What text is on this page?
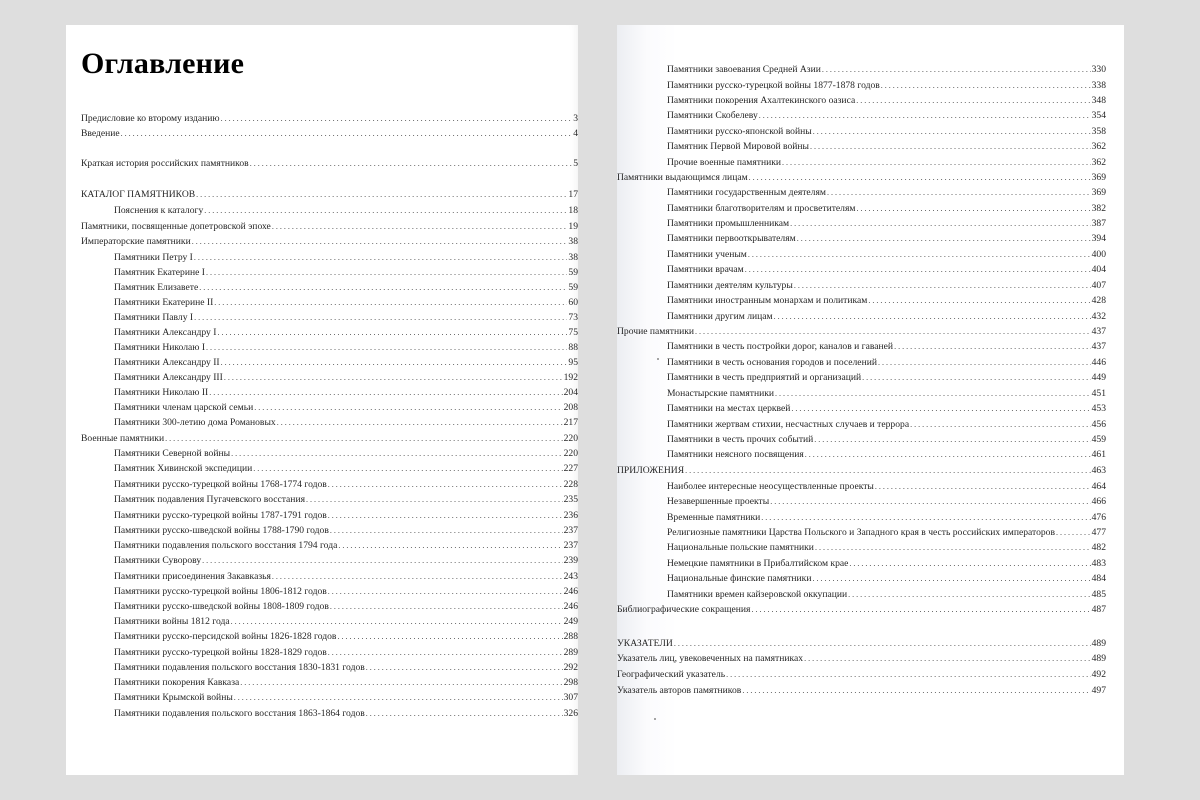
Оглавление
Предисловие ко второму изданию . . .	3
Введение . . .	4
Краткая история российских памятников . . .	5
КАТАЛОГ ПАМЯТНИКОВ . . .	17
Пояснения к каталогу . . .	18
Памятники, посвященные допетровской эпохе . . .	19
Императорские памятники . . .	38
Памятники Петру I . . .	38
Памятник Екатерине I . . .	59
Памятник Елизавете . . .	59
Памятники Екатерине II . . .	60
Памятники Павлу I . . .	73
Памятники Александру I . . .	75
Памятники Николаю I . . .	88
Памятники Александру II . . .	95
Памятники Александру III . . .	192
Памятники Николаю II . . .	204
Памятники членам царской семьи . . .	208
Памятники 300-летию дома Романовых . . .	217
Военные памятники . . .	220
Памятники Северной войны . . .	220
Памятник Хивинской экспедиции . . .	227
Памятники русско-турецкой войны 1768-1774 годов . . .	228
Памятник подавления Пугачевского восстания . . .	235
Памятники русско-турецкой войны 1787-1791 годов . . .	236
Памятники русско-шведской войны 1788-1790 годов . . .	237
Памятники подавления польского восстания 1794 года . . .	237
Памятники Суворову . . .	239
Памятники присоединения Закавказья . . .	243
Памятники русско-турецкой войны 1806-1812 годов . . .	246
Памятники русско-шведской войны 1808-1809 годов . . .	246
Памятники войны 1812 года . . .	249
Памятники русско-персидской войны 1826-1828 годов . . .	288
Памятники русско-турецкой войны 1828-1829 годов . . .	289
Памятники подавления польского восстания 1830-1831 годов . . .	292
Памятники покорения Кавказа . . .	298
Памятники Крымской войны . . .	307
Памятники подавления польского восстания 1863-1864 годов . . .	326
Памятники завоевания Средней Азии . . .	330
Памятники русско-турецкой войны 1877-1878 годов . . .	338
Памятники покорения Ахалтекинского оазиса . . .	348
Памятники Скобелеву . . .	354
Памятники русско-японской войны . . .	358
Памятник Первой Мировой войны . . .	362
Прочие военные памятники . . .	362
Памятники выдающимся лицам . . .	369
Памятники государственным деятелям . . .	369
Памятники благотворителям и просветителям . . .	382
Памятники промышленникам . . .	387
Памятники первооткрывателям . . .	394
Памятники ученым . . .	400
Памятники врачам . . .	404
Памятники деятелям культуры . . .	407
Памятники иностранным монархам и политикам . . .	428
Памятники другим лицам . . .	432
Прочие памятники . . .	437
Памятники в честь постройки дорог, каналов и гаваней . . .	437
Памятники в честь основания городов и поселений . . .	446
Памятники в честь предприятий и организаций . . .	449
Монастырские памятники . . .	451
Памятники на местах церквей . . .	453
Памятники жертвам стихии, несчастных случаев и террора . . .	456
Памятники в честь прочих событий . . .	459
Памятники неясного посвящения . . .	461
ПРИЛОЖЕНИЯ . . .	463
Наиболее интересные неосуществленные проекты . . .	464
Незавершенные проекты . . .	466
Временные памятники . . .	476
Религиозные памятники Царства Польского и Западного края в честь российских императоров . . .	477
Национальные польские памятники . . .	482
Немецкие памятники в Прибалтийском крае . . .	483
Национальные финские памятники . . .	484
Памятники времен кайзеровской оккупации . . .	485
Библиографические сокращения . . .	487
УКАЗАТЕЛИ . . .	489
Указатель лиц, увековеченных на памятниках . . .	489
Географический указатель . . .	492
Указатель авторов памятников . . .	497
